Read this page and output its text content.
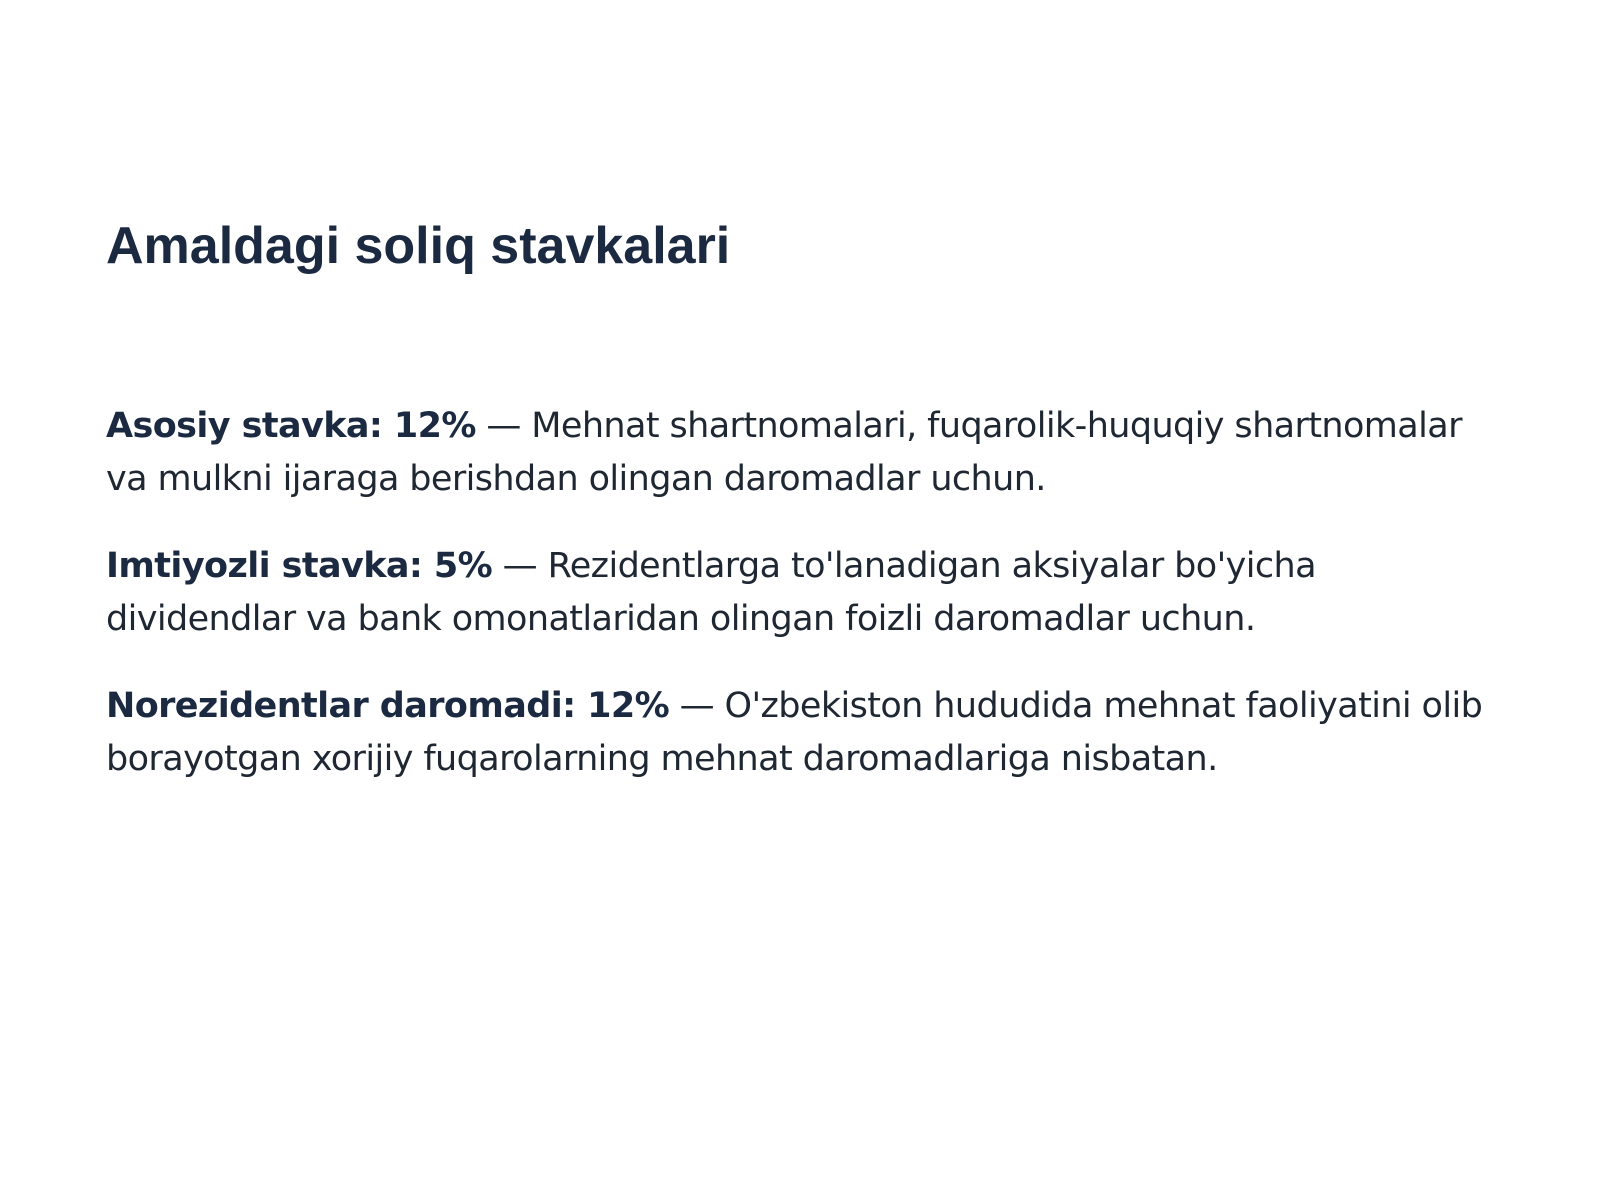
Amaldagi soliq stavkalari

Asosiy stavka: 12% — Mehnat shartnomalari, fuqarolik-huquqiy shartnomalar va mulkni ijaraga berishdan olingan daromadlar uchun.

Imtiyozli stavka: 5% — Rezidentlarga to'lanadigan aksiyalar bo'yicha dividendlar va bank omonatlaridan olingan foizli daromadlar uchun.

Norezidentlar daromadi: 12% — O'zbekiston hududida mehnat faoliyatini olib borayotgan xorijiy fuqarolarning mehnat daromadlariga nisbatan.
